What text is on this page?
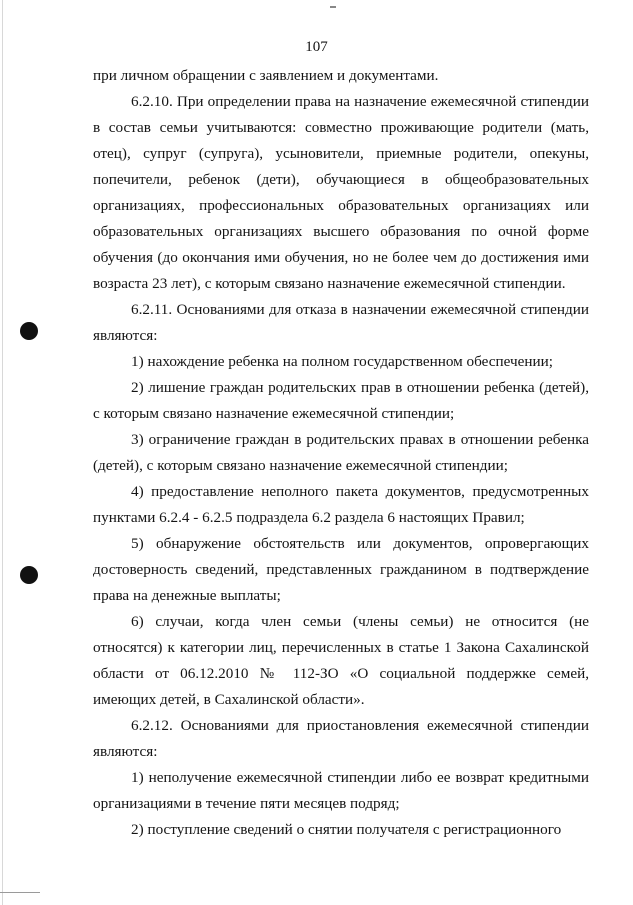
107

при личном обращении с заявлением и документами.

6.2.10. При определении права на назначение ежемесячной стипендии в состав семьи учитываются: совместно проживающие родители (мать, отец), супруг (супруга), усыновители, приемные родители, опекуны, попечители, ребенок (дети), обучающиеся в общеобразовательных организациях, профессиональных образовательных организациях или образовательных организациях высшего образования по очной форме обучения (до окончания ими обучения, но не более чем до достижения ими возраста 23 лет), с которым связано назначение ежемесячной стипендии.

6.2.11. Основаниями для отказа в назначении ежемесячной стипендии являются:

1) нахождение ребенка на полном государственном обеспечении;

2) лишение граждан родительских прав в отношении ребенка (детей), с которым связано назначение ежемесячной стипендии;

3) ограничение граждан в родительских правах в отношении ребенка (детей), с которым связано назначение ежемесячной стипендии;

4) предоставление неполного пакета документов, предусмотренных пунктами 6.2.4 - 6.2.5 подраздела 6.2 раздела 6 настоящих Правил;

5) обнаружение обстоятельств или документов, опровергающих достоверность сведений, представленных гражданином в подтверждение права на денежные выплаты;

6) случаи, когда член семьи (члены семьи) не относится (не относятся) к категории лиц, перечисленных в статье 1 Закона Сахалинской области от 06.12.2010 № 112-ЗО «О социальной поддержке семей, имеющих детей, в Сахалинской области».

6.2.12. Основаниями для приостановления ежемесячной стипендии являются:

1) неполучение ежемесячной стипендии либо ее возврат кредитными организациями в течение пяти месяцев подряд;

2) поступление сведений о снятии получателя с регистрационного
